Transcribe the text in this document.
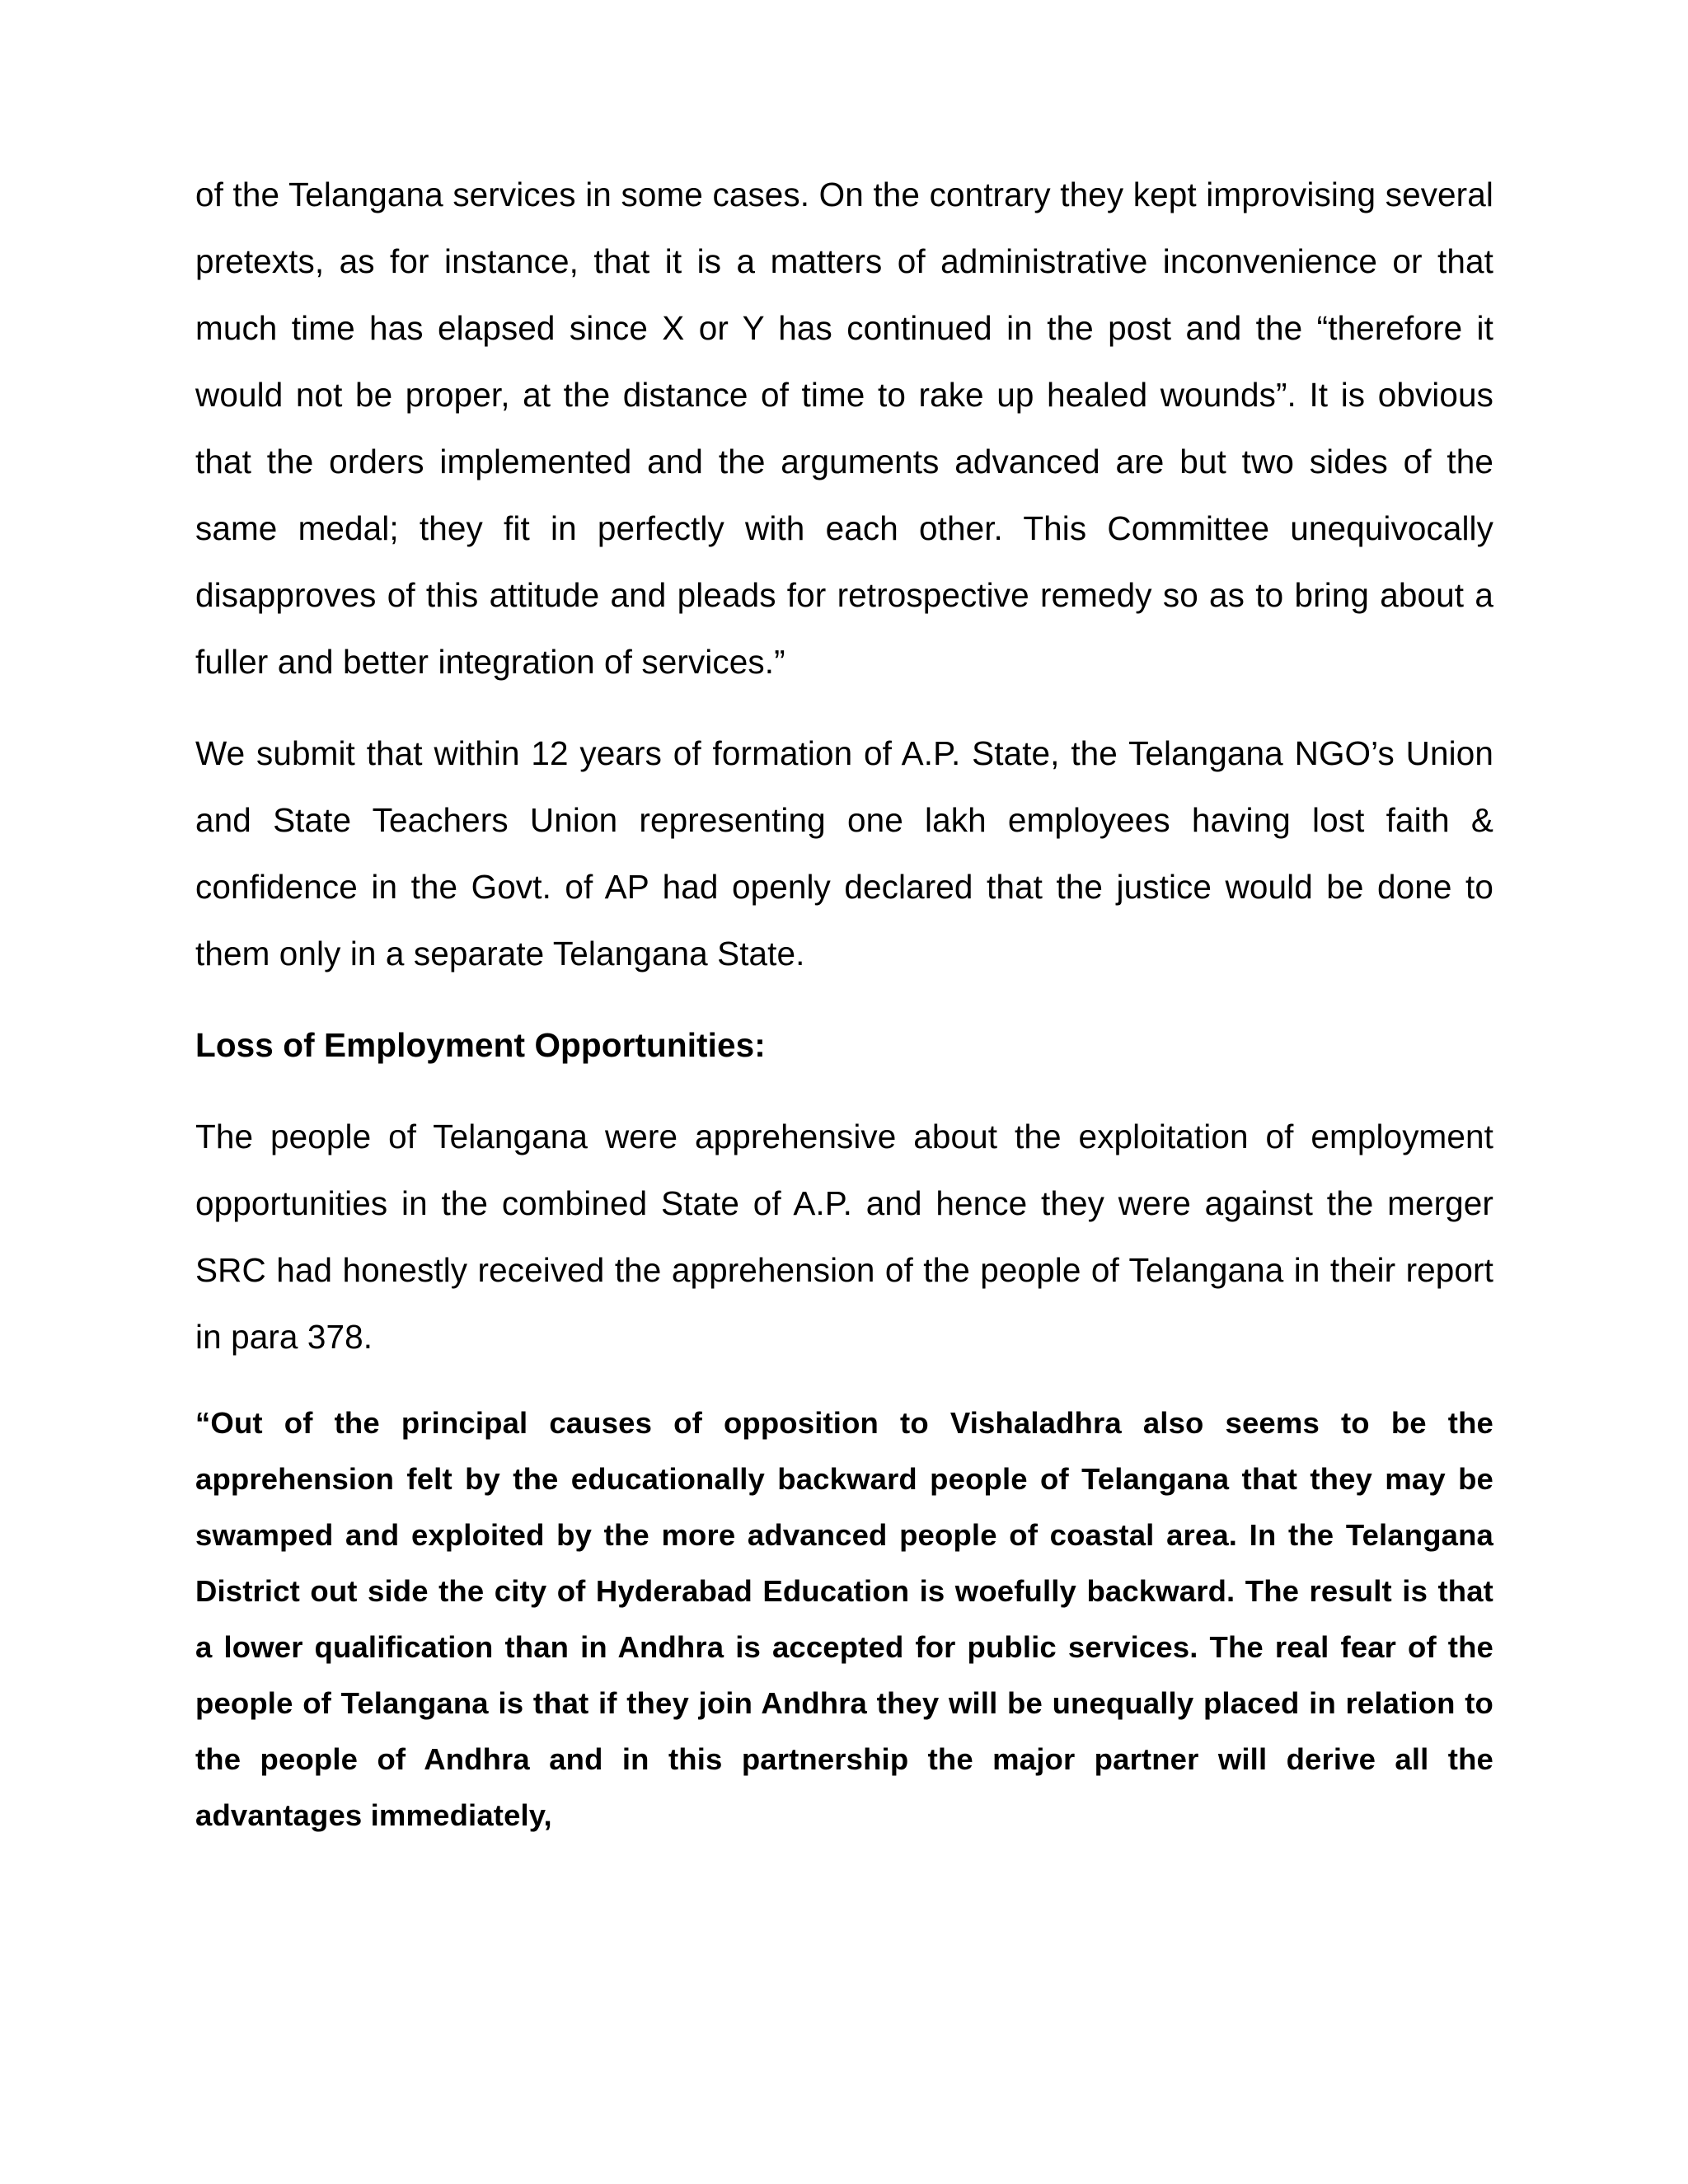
of the Telangana services in some cases. On the contrary they kept improvising several pretexts, as for instance, that it is a matters of administrative inconvenience or that much time has elapsed since X or Y has continued in the post and the “therefore it would not be proper, at the distance of time to rake up healed wounds”. It is obvious that the orders implemented and the arguments advanced are but two sides of the same medal; they fit in perfectly with each other. This Committee unequivocally disapproves of this attitude and pleads for retrospective remedy so as to bring about a fuller and better integration of services.”

We submit that within 12 years of formation of A.P. State, the Telangana NGO’s Union and State Teachers Union representing one lakh employees having lost faith & confidence in the Govt. of AP had openly declared that the justice would be done to them only in a separate Telangana State.

Loss of Employment Opportunities:

The people of Telangana were apprehensive about the exploitation of employment opportunities in the combined State of A.P. and hence they were against the merger SRC had honestly received the apprehension of the people of Telangana in their report in para 378.

“Out of the principal causes of opposition to Vishaladhra also seems to be the apprehension felt by the educationally backward people of Telangana that they may be swamped and exploited by the more advanced people of coastal area. In the Telangana District out side the city of Hyderabad Education is woefully backward. The result is that a lower qualification than in Andhra is accepted for public services. The real fear of the people of Telangana is that if they join Andhra they will be unequally placed in relation to the people of Andhra and in this partnership the major partner will derive all the advantages immediately,
